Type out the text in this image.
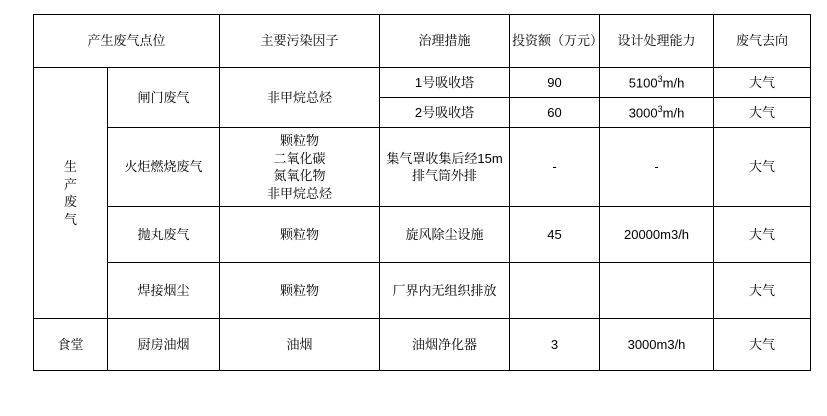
产生废气点位		主要污染因子	治理措施	投资额（万元）	设计处理能力	废气去向
生
产
废
气	闸门废气	非甲烷总烃	1号吸收塔	90	5100$^3$m/h	大气
			2号吸收塔	60	3000$^3$m/h	大气
	火炬燃烧废气	颗粒物
二氧化碳
氮氧化物
非甲烷总烃	集气罩收集后经15m 排气筒外排	-	-	大气
	抛丸废气	颗粒物	旋风除尘设施	45	20000m3/h	大气
	焊接烟尘	颗粒物	厂界内无组织排放			大气
食堂	厨房油烟	油烟	油烟净化器	3	3000m3/h	大气
